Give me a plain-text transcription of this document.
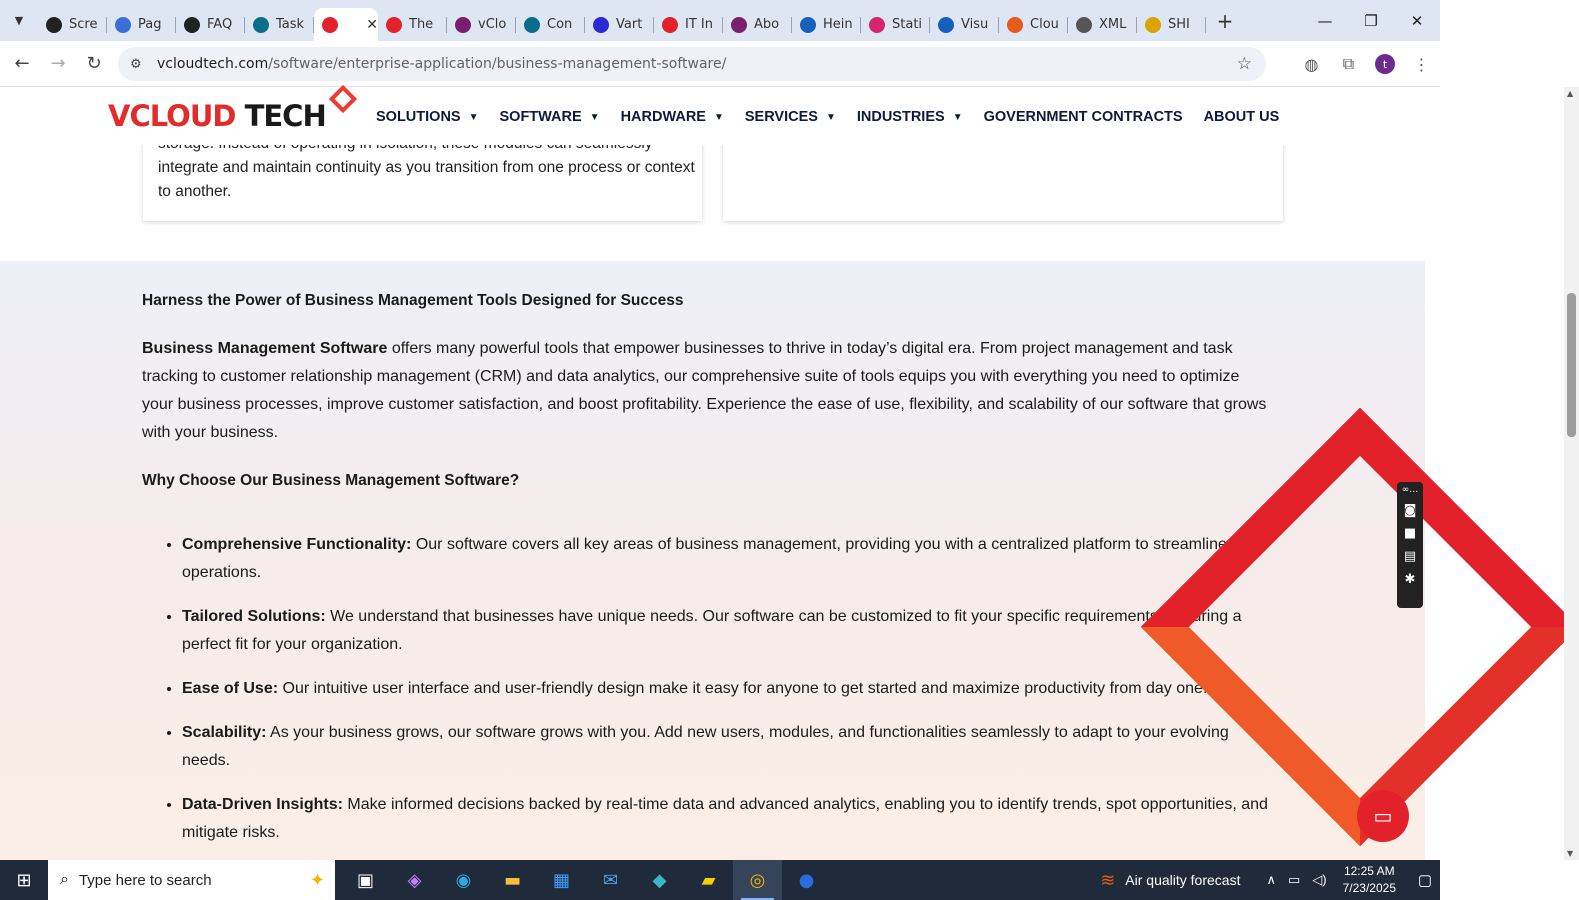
▼	Scre	Pag	FAQ	Task	✕ The	vClo	Con	Vart	IT In	Abo	Hein	Stati	Visu	Clou	XML	SHI	+	—	❐	✕
←	→	↻	⚙	vcloudtech.com /software/enterprise-application/business-management-software/	☆	◍	⧉	t	⋮

integrate and maintain continuity as you transition from one process or context to another.

VCLOUD TECH	SOLUTIONS ▼ SOFTWARE ▼ HARDWARE ▼ SERVICES ▼ INDUSTRIES ▼ GOVERNMENT CONTRACTS ABOUT US
Harness the Power of Business Management Tools Designed for Success
Business Management Software offers many powerful tools that empower businesses to thrive in today’s digital era. From project management and task tracking to customer relationship management (CRM) and data analytics, our comprehensive suite of tools equips you with everything you need to optimize your business processes, improve customer satisfaction, and boost profitability. Experience the ease of use, flexibility, and scalability of our software that grows with your business.
Why Choose Our Business Management Software?
• Comprehensive Functionality: Our software covers all key areas of business management, providing you with a centralized platform to streamline your operations.
• Tailored Solutions: We understand that businesses have unique needs. Our software can be customized to fit your specific requirements, ensuring a perfect fit for your organization.
• Ease of Use: Our intuitive user interface and user-friendly design make it easy for anyone to get started and maximize productivity from day one.
• Scalability: As your business grows, our software grows with you. Add new users, modules, and functionalities seamlessly to adapt to your evolving needs.
• Data-Driven Insights: Make informed decisions backed by real-time data and advanced analytics, enabling you to identify trends, spot opportunities, and mitigate risks.
∞…
◙
■
▤
✱
▭
▲
▼
⊞	⌕ Type here to search	✦	▣	◈	◉	▬	▦	✉	◆	▰	◎	●	≋ Air quality forecast ∧ ▭ ◁)
12:25 AM
7/23/2025	▢
